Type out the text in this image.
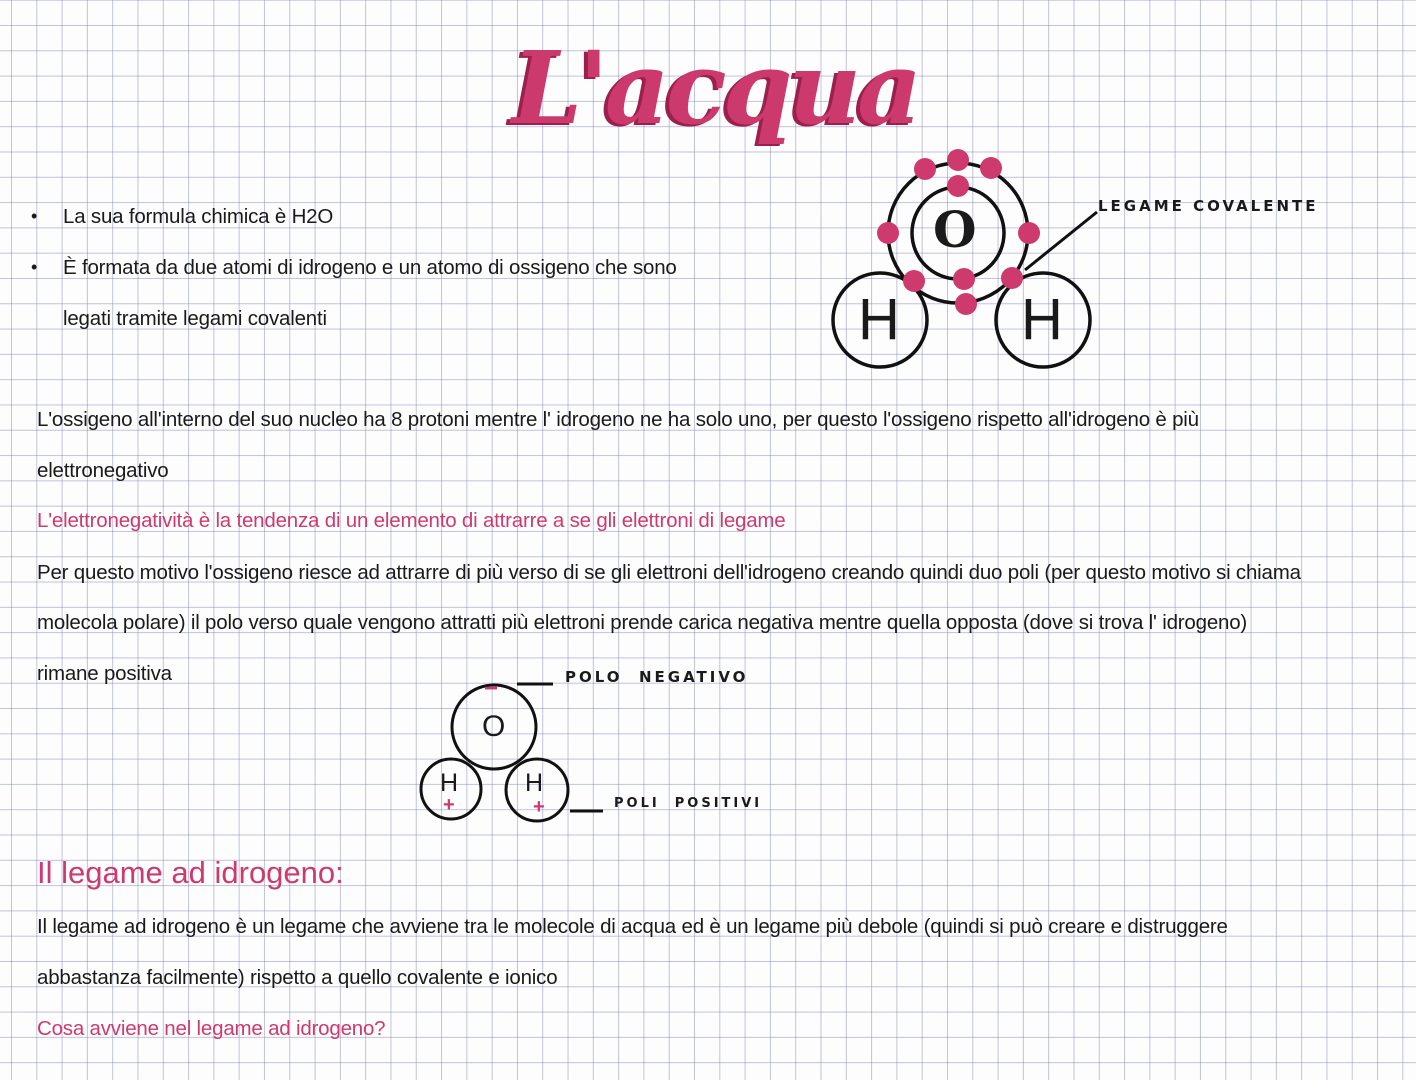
L'acqua
• La sua formula chimica è H2O
• È formata da due atomi di idrogeno e un atomo di ossigeno che sono
legati tramite legami covalenti
O
H H
LEGAME COVALENTE
O
H	H
−
+	+
POLO  NEGATIVO
POLI  POSITIVI
L'ossigeno all'interno del suo nucleo ha 8 protoni mentre l' idrogeno ne ha solo uno, per questo l'ossigeno rispetto all'idrogeno è più
elettronegativo
L'elettronegatività è la tendenza di un elemento di attrarre a se gli elettroni di legame
Per questo motivo l'ossigeno riesce ad attrarre di più verso di se gli elettroni dell'idrogeno creando quindi duo poli (per questo motivo si chiama
molecola polare) il polo verso quale vengono attratti più elettroni prende carica negativa mentre quella opposta (dove si trova l' idrogeno)
rimane positiva
Il legame ad idrogeno:
Il legame ad idrogeno è un legame che avviene tra le molecole di acqua ed è un legame più debole (quindi si può creare e distruggere
abbastanza facilmente) rispetto a quello covalente e ionico
Cosa avviene nel legame ad idrogeno?
